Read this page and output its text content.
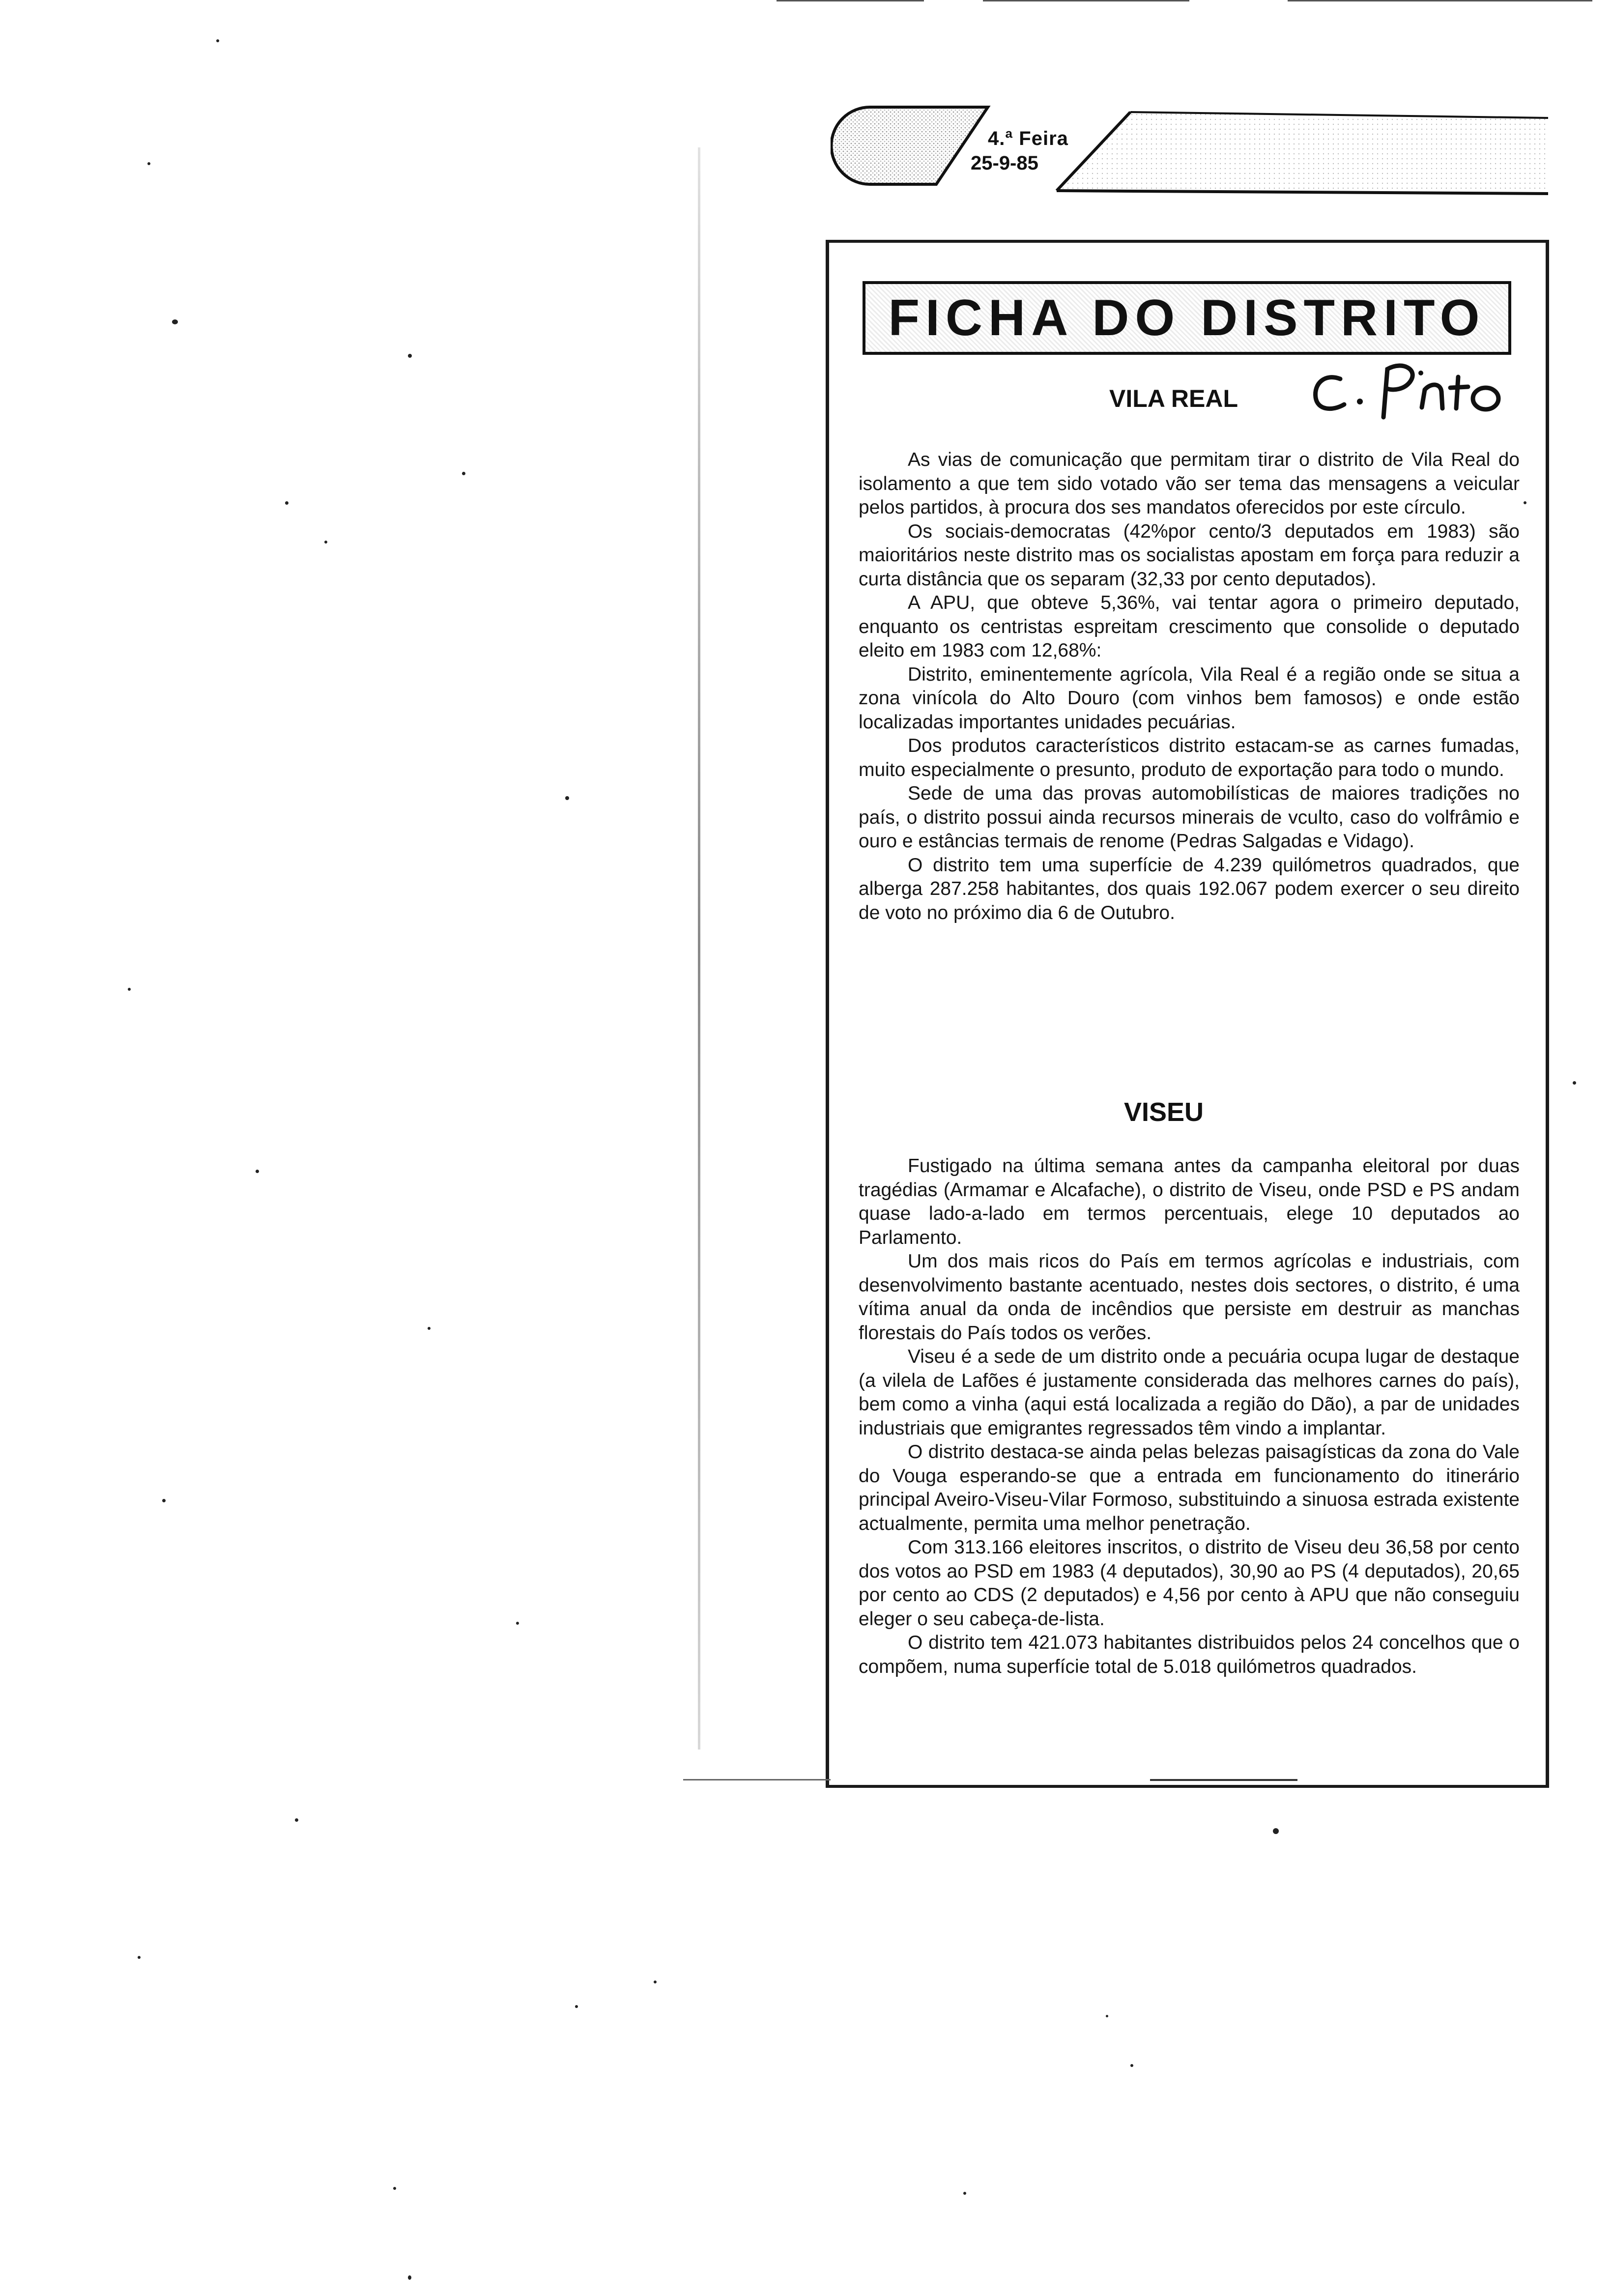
4.ª Feira
25-9-85
FICHA DO DISTRITO
VILA REAL

As vias de comunicação que permitam tirar o distrito de Vila Real do isolamento a que tem sido votado vão ser tema das mensagens a veicular pelos partidos, à procura dos ses mandatos oferecidos por este círculo.

Os sociais-democratas (42%por cento/3 deputados em 1983) são maioritários neste distrito mas os socialistas apostam em força para reduzir a curta distância que os separam (32,33 por cento deputados).

A APU, que obteve 5,36%, vai tentar agora o primeiro deputado, enquanto os centristas espreitam crescimento que consolide o deputado eleito em 1983 com 12,68%:

Distrito, eminentemente agrícola, Vila Real é a região onde se situa a zona vinícola do Alto Douro (com vinhos bem famosos) e onde estão localizadas importantes unidades pecuárias.

Dos produtos característicos distrito estacam-se as carnes fumadas, muito especialmente o presunto, produto de exportação para todo o mundo.

Sede de uma das provas automobilísticas de maiores tradições no país, o distrito possui ainda recursos minerais de vculto, caso do volfrâmio e ouro e estâncias termais de renome (Pedras Salgadas e Vidago).

O distrito tem uma superfície de 4.239 quilómetros quadrados, que alberga 287.258 habitantes, dos quais 192.067 podem exercer o seu direito de voto no próximo dia 6 de Outubro.

VISEU

Fustigado na última semana antes da campanha eleitoral por duas tragédias (Armamar e Alcafache), o distrito de Viseu, onde PSD e PS andam quase lado-a-lado em termos percentuais, elege 10 deputados ao Parlamento.

Um dos mais ricos do País em termos agrícolas e industriais, com desenvolvimento bastante acentuado, nestes dois sectores, o distrito, é uma vítima anual da onda de incêndios que persiste em destruir as manchas florestais do País todos os verões.

Viseu é a sede de um distrito onde a pecuária ocupa lugar de destaque (a vilela de Lafões é justamente considerada das melhores carnes do país), bem como a vinha (aqui está localizada a região do Dão), a par de unidades industriais que emigrantes regressados têm vindo a implantar.

O distrito destaca-se ainda pelas belezas paisagísticas da zona do Vale do Vouga esperando-se que a entrada em funcionamento do itinerário principal Aveiro-Viseu-Vilar Formoso, substituindo a sinuosa estrada existente actualmente, permita uma melhor penetração.

Com 313.166 eleitores inscritos, o distrito de Viseu deu 36,58 por cento dos votos ao PSD em 1983 (4 deputados), 30,90 ao PS (4 deputados), 20,65 por cento ao CDS (2 deputados) e 4,56 por cento à APU que não conseguiu eleger o seu cabeça-de-lista.

O distrito tem 421.073 habitantes distribuidos pelos 24 concelhos que o compõem, numa superfície total de 5.018 quilómetros quadrados.
